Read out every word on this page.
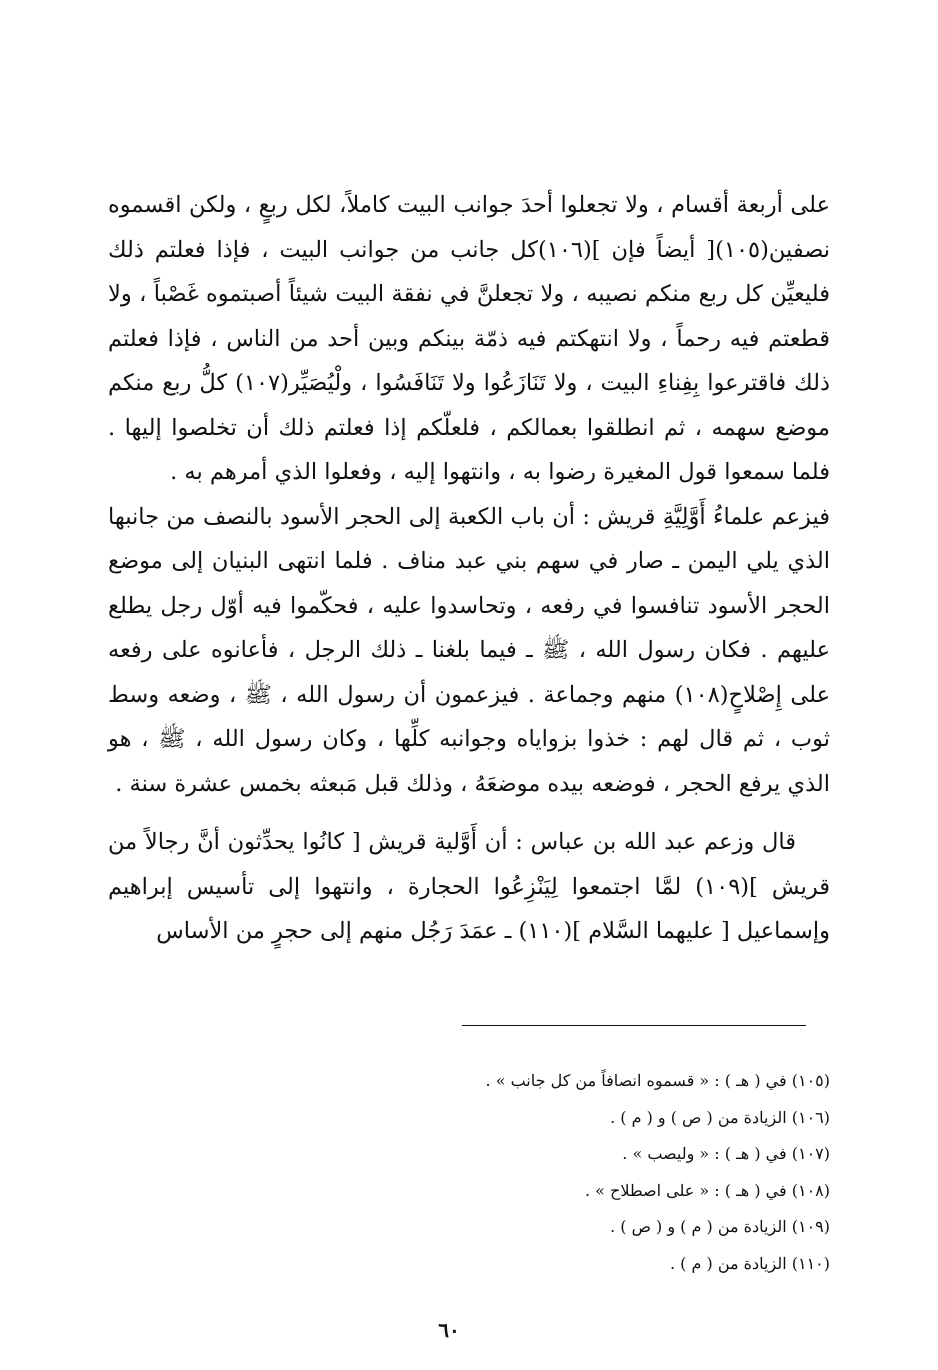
على أربعة أقسام ، ولا تجعلوا أحدَ جوانب البيت كاملاً، لكل ربعٍ ، ولكن اقسموه نصفين(١٠٥)[ أيضاً فإن ](١٠٦)كل جانب من جوانب البيت ، فإذا فعلتم ذلك فليعيِّن كل ربع منكم نصيبه ، ولا تجعلنَّ في نفقة البيت شيئاً أصبتموه غَصْباً ، ولا قطعتم فيه رحماً ، ولا انتهكتم فيه ذمّة بينكم وبين أحد من الناس ، فإذا فعلتم ذلك فاقترعوا بِفِناءِ البيت ، ولا تَنَازَعُوا ولا تَنَافَسُوا ، ولْيُصَيِّر(١٠٧) كلُّ ربع منكم موضع سهمه ، ثم انطلقوا بعمالكم ، فلعلّكم إذا فعلتم ذلك أن تخلصوا إليها . فلما سمعوا قول المغيرة رضوا به ، وانتهوا إليه ، وفعلوا الذي أمرهم به .

فيزعم علماءُ أَوَّلِيَّةِ قريش : أن باب الكعبة إلى الحجر الأسود بالنصف من جانبها الذي يلي اليمن ـ صار في سهم بني عبد مناف . فلما انتهى البنيان إلى موضع الحجر الأسود تنافسوا في رفعه ، وتحاسدوا عليه ، فحكّموا فيه أوّل رجل يطلع عليهم . فكان رسول الله ، ﷺ ـ فيما بلغنا ـ ذلك الرجل ، فأعانوه على رفعه على إِصْلاحٍ(١٠٨) منهم وجماعة . فيزعمون أن رسول الله ، ﷺ ، وضعه وسط ثوب ، ثم قال لهم : خذوا بزواياه وجوانبه كلِّها ، وكان رسول الله ، ﷺ ، هو الذي يرفع الحجر ، فوضعه بيده موضعَهُ ، وذلك قبل مَبعثه بخمس عشرة سنة .

قال وزعم عبد الله بن عباس : أن أَوَّلية قريش [ كانُوا يحدِّثون أنَّ رجالاً من قريش ](١٠٩) لمَّا اجتمعوا لِيَنْزِعُوا الحجارة ، وانتهوا إلى تأسيس إبراهيم وإسماعيل [ عليهما السَّلام ](١١٠) ـ عمَدَ رَجُل منهم إلى حجرٍ من الأساس

(١٠٥) في ( هـ ) : « قسموه انصافاً من كل جانب » .
(١٠٦) الزيادة من ( ص ) و ( م ) .
(١٠٧) في ( هـ ) : « وليصب » .
(١٠٨) في ( هـ ) : « على اصطلاح » .
(١٠٩) الزيادة من ( م ) و ( ص ) .
(١١٠) الزيادة من ( م ) .
٦٠
